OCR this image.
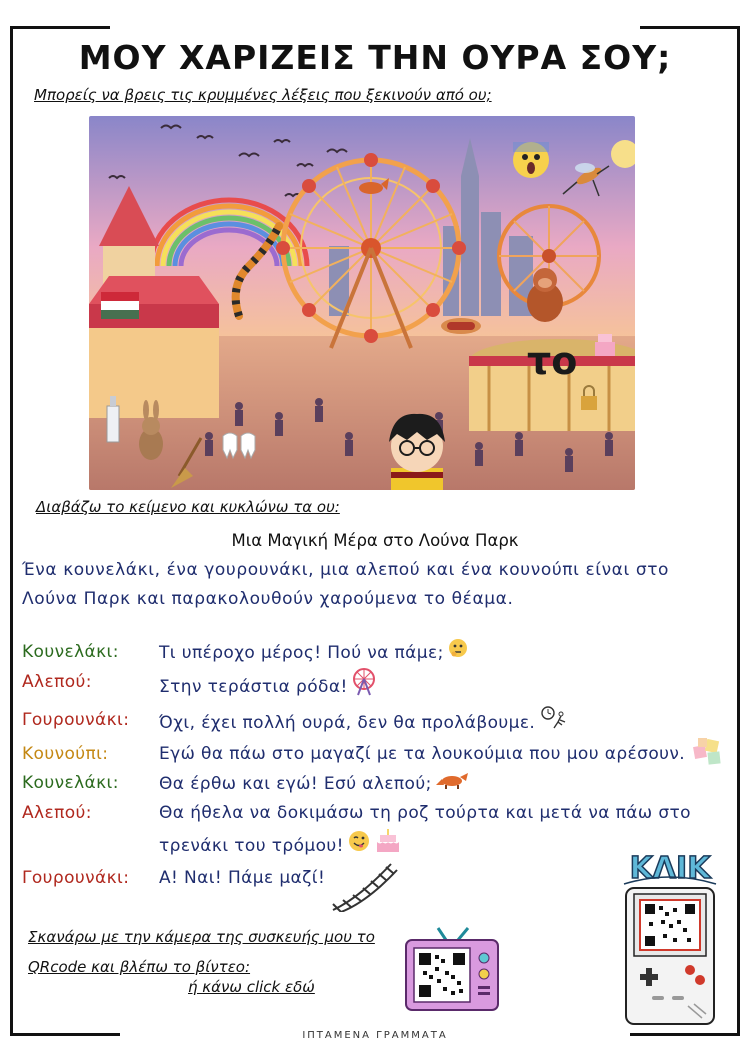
ΜΟΥ ΧΑΡΙΖΕΙΣ ΤΗΝ ΟΥΡΑ ΣΟΥ;
Μπορείς να βρεις τις κρυμμένες λέξεις που ξεκινούν από ου;
το
Διαβάζω το κείμενο και κυκλώνω τα ου:
Μια Μαγική Μέρα στο Λούνα Παρκ
Ένα κουνελάκι, ένα γουρουνάκι, μια αλεπού και ένα κουνούπι είναι στο Λούνα Παρκ και παρακολουθούν χαρούμενα το θέαμα.
Κουνελάκι:	Τι υπέροχο μέρος! Πού να πάμε;
Αλεπού:	Στην τεράστια ρόδα!
Γουρουνάκι:	Όχι, έχει πολλή ουρά, δεν θα προλάβουμε.
Κουνούπι:	Εγώ θα πάω στο μαγαζί με τα λουκούμια που μου αρέσουν.
Κουνελάκι:	Θα έρθω και εγώ! Εσύ αλεπού;
Αλεπού:	Θα ήθελα να δοκιμάσω τη ροζ τούρτα και μετά να πάω στο τρενάκι του τρόμου!
Γουρουνάκι:	Α! Ναι! Πάμε μαζί!
Σκανάρω με την κάμερα της συσκευής μου το
QRcode και βλέπω το βίντεο:
ή κάνω click εδώ
ΚΛΙΚ
ΙΠΤΑΜΕΝΑ ΓΡΑΜΜΑΤΑ
